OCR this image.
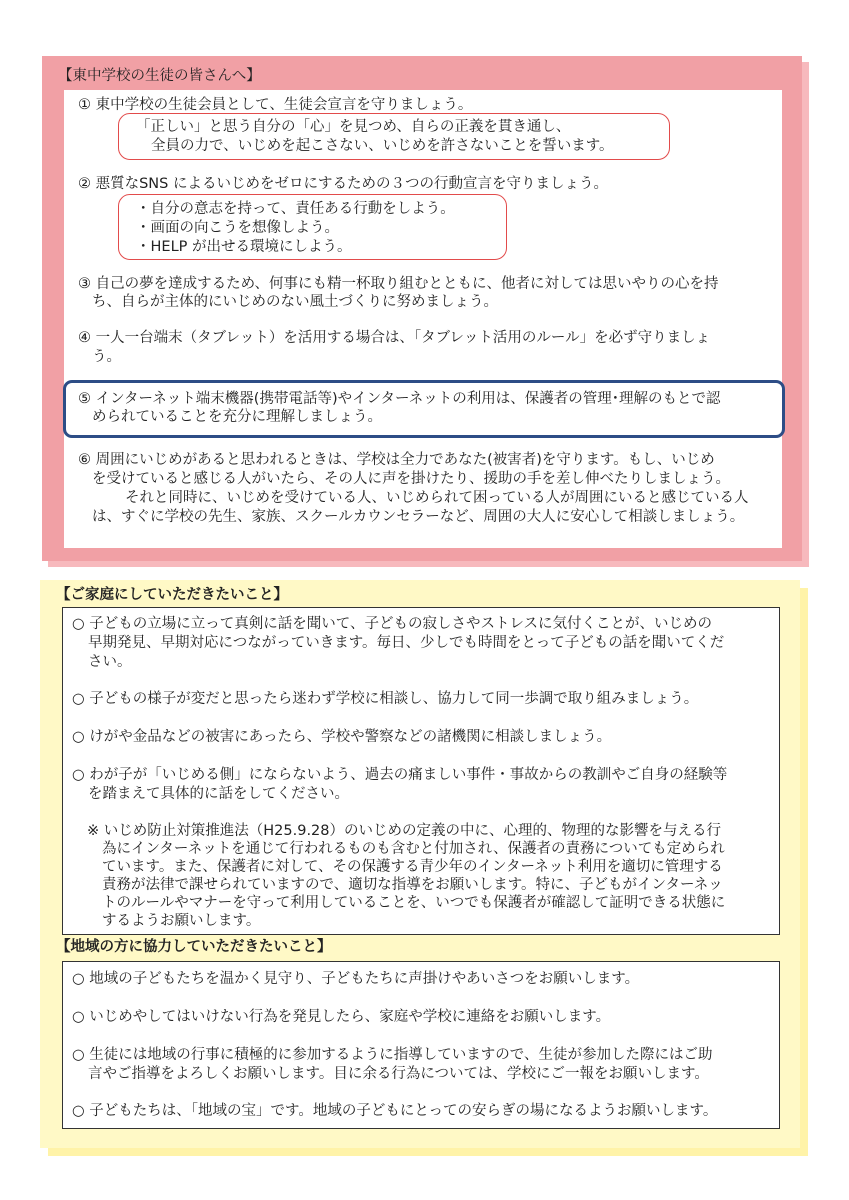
【東中学校の生徒の皆さんへ】
① 東中学校の生徒会員として、生徒会宣言を守りましょう。
「正しい」と思う自分の「心」を見つめ、自らの正義を貫き通し、
全員の力で、いじめを起こさない、いじめを許さないことを誓います。
② 悪質なSNS によるいじめをゼロにするための３つの行動宣言を守りましょう。
・自分の意志を持って、責任ある行動をしよう。
・画面の向こうを想像しよう。
・HELP が出せる環境にしよう。
③ 自己の夢を達成するため、何事にも精一杯取り組むとともに、他者に対しては思いやりの心を持
ち、自らが主体的にいじめのない風土づくりに努めましょう。
④ 一人一台端末（タブレット）を活用する場合は、「タブレット活用のルール」を必ず守りましょ
う。
⑤ インターネット端末機器(携帯電話等)やインターネットの利用は、保護者の管理･理解のもとで認
められていることを充分に理解しましょう。
⑥ 周囲にいじめがあると思われるときは、学校は全力であなた(被害者)を守ります。もし、いじめ
を受けていると感じる人がいたら、その人に声を掛けたり、援助の手を差し伸べたりしましょう。
それと同時に、いじめを受けている人、いじめられて困っている人が周囲にいると感じている人
は、すぐに学校の先生、家族、スクールカウンセラーなど、周囲の大人に安心して相談しましょう。
【ご家庭にしていただきたいこと】
○ 子どもの立場に立って真剣に話を聞いて、子どもの寂しさやストレスに気付くことが、いじめの
早期発見、早期対応につながっていきます。毎日、少しでも時間をとって子どもの話を聞いてくだ
さい。
○ 子どもの様子が変だと思ったら迷わず学校に相談し、協力して同一歩調で取り組みましょう。
○ けがや金品などの被害にあったら、学校や警察などの諸機関に相談しましょう。
○ わが子が「いじめる側」にならないよう、過去の痛ましい事件・事故からの教訓やご自身の経験等
を踏まえて具体的に話をしてください。
※ いじめ防止対策推進法（H25.9.28）のいじめの定義の中に、心理的、物理的な影響を与える行
為にインターネットを通じて行われるものも含むと付加され、保護者の責務についても定められ
ています。また、保護者に対して、その保護する青少年のインターネット利用を適切に管理する
責務が法律で課せられていますので、適切な指導をお願いします。特に、子どもがインターネッ
トのルールやマナーを守って利用していることを、いつでも保護者が確認して証明できる状態に
するようお願いします。
【地域の方に協力していただきたいこと】
○ 地域の子どもたちを温かく見守り、子どもたちに声掛けやあいさつをお願いします。
○ いじめやしてはいけない行為を発見したら、家庭や学校に連絡をお願いします。
○ 生徒には地域の行事に積極的に参加するように指導していますので、生徒が参加した際にはご助
言やご指導をよろしくお願いします。目に余る行為については、学校にご一報をお願いします。
○ 子どもたちは、「地域の宝」です。地域の子どもにとっての安らぎの場になるようお願いします。
